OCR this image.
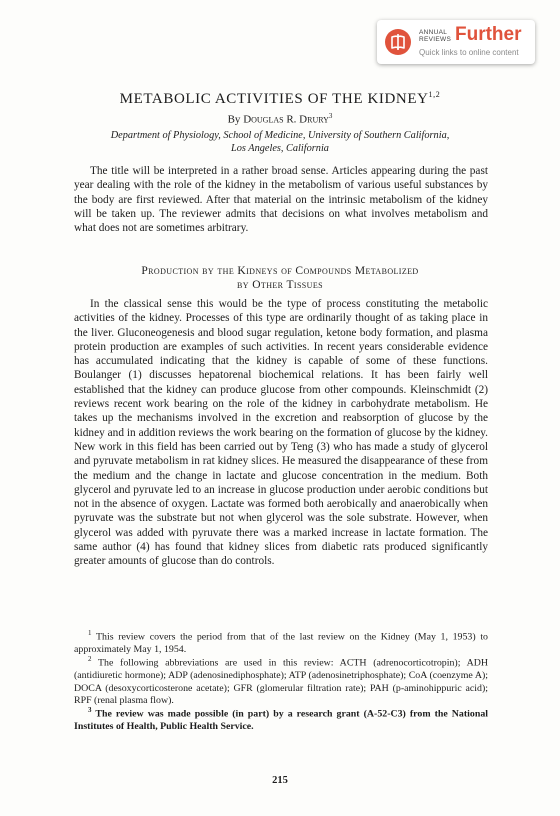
ANNUAL
REVIEWS Further
Quick links to online content
METABOLIC ACTIVITIES OF THE KIDNEY$^{1,2}$
By Douglas R. Drury$^3$
Department of Physiology, School of Medicine, University of Southern California,
Los Angeles, California

The title will be interpreted in a rather broad sense. Articles appearing during the past year dealing with the role of the kidney in the metabolism of various useful substances by the body are first reviewed. After that material on the intrinsic metabolism of the kidney will be taken up. The reviewer admits that decisions on what involves metabolism and what does not are sometimes arbitrary.

Production by the Kidneys of Compounds Metabolized
by Other Tissues

In the classical sense this would be the type of process constituting the metabolic activities of the kidney. Processes of this type are ordinarily thought of as taking place in the liver. Gluconeogenesis and blood sugar regulation, ketone body formation, and plasma protein production are examples of such activities. In recent years considerable evidence has accumulated indicating that the kidney is capable of some of these functions. Boulanger (1) discusses hepatorenal biochemical relations. It has been fairly well established that the kidney can produce glucose from other compounds. Kleinschmidt (2) reviews recent work bearing on the role of the kidney in carbohydrate metabolism. He takes up the mechanisms involved in the excretion and reabsorption of glucose by the kidney and in addition reviews the work bearing on the formation of glucose by the kidney. New work in this field has been carried out by Teng (3) who has made a study of glycerol and pyruvate metabolism in rat kidney slices. He measured the disappearance of these from the medium and the change in lactate and glucose concentration in the medium. Both glycerol and pyruvate led to an increase in glucose production under aerobic conditions but not in the absence of oxygen. Lactate was formed both aerobically and anaerobically when pyruvate was the substrate but not when glycerol was the sole substrate. However, when glycerol was added with pyruvate there was a marked increase in lactate formation. The same author (4) has found that kidney slices from diabetic rats produced significantly greater amounts of glucose than do controls.

$^1$ This review covers the period from that of the last review on the Kidney (May 1, 1953) to approximately May 1, 1954.

$^2$ The following abbreviations are used in this review: ACTH (adrenocorticotropin); ADH (antidiuretic hormone); ADP (adenosinediphosphate); ATP (adenosinetriphosphate); CoA (coenzyme A); DOCA (desoxycorticosterone acetate); GFR (glomerular filtration rate); PAH (p-aminohippuric acid); RPF (renal plasma flow).

$^3$ The review was made possible (in part) by a research grant (A-52-C3) from the National Institutes of Health, Public Health Service.

215
